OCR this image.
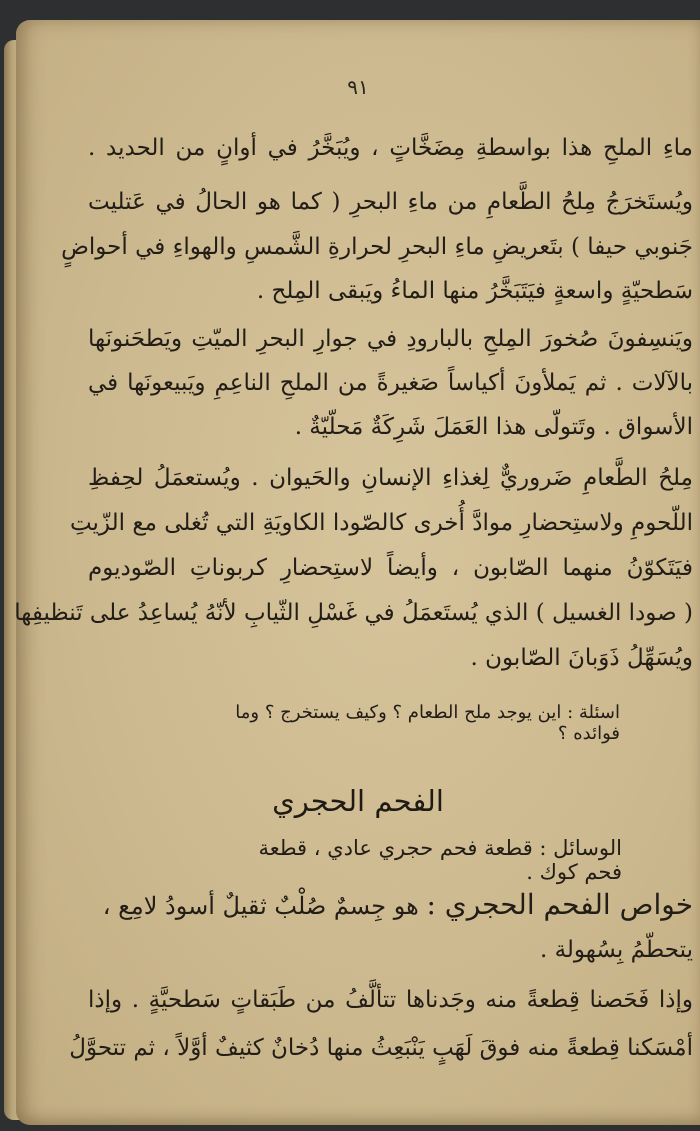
٩١
ماءِ الملحِ هذا بواسطةِ مِضَخَّاتٍ ، ويُبَخَّرُ في أوانٍ من الحديد .
ويُستَخرَجُ مِلحُ الطَّعامِ من ماءِ البحرِ ( كما هو الحالُ في عَتليت
جَنوبي حيفا ) بتَعريضِ ماءِ البحرِ لحرارةِ الشَّمسِ والهواءِ في أحواضٍ
سَطحيّةٍ واسعةٍ فيَتَبَخَّرُ منها الماءُ ويَبقى المِلح .
ويَنسِفونَ صُخورَ المِلحِ بالبارودِ في جوارِ البحرِ الميّتِ ويَطحَنونَها
بالآلات . ثم يَملأونَ أكياساً صَغيرةً من الملحِ الناعِمِ ويَبيعونَها في
الأسواق . وتَتولّى هذا العَمَلَ شَرِكَةٌ مَحلّيّةٌ .
مِلحُ الطَّعامِ ضَروريٌّ لِغذاءِ الإنسانِ والحَيوان . ويُستعمَلُ لحِفظِ
اللّحومِ ولاستِحضارِ موادَّ أُخرى كالصّودا الكاويَةِ التي تُغلى مع الزّيتِ
فيَتَكوّنُ منهما الصّابون ، وأيضاً لاستِحضارِ كربوناتِ الصّوديوم
( صودا الغسيل ) الذي يُستَعمَلُ في غَسْلِ الثّيابِ لأنّهُ يُساعِدُ على تَنظيفِها
ويُسَهِّلُ ذَوَبانَ الصّابون .
اسئلة : اين يوجد ملح الطعام ؟ وكيف يستخرج ؟ وما فوائده ؟
الفحم الحجري
الوسائل : قطعة فحم حجري عادي ، قطعة فحم كوك .
خواص الفحم الحجري : هو جِسمٌ صُلْبٌ ثقيلٌ أسودُ لامِع ،
يتحطّمُ بِسُهولة .
وإذا فَحَصنا قِطعةً منه وجَدناها تتألَّفُ من طَبَقاتٍ سَطحيَّةٍ . وإذا
أمْسَكنا قِطعةً منه فوقَ لَهَبٍ يَنْبَعِثُ منها دُخانٌ كثيفٌ أوَّلاً ، ثم تتحوَّلُ
